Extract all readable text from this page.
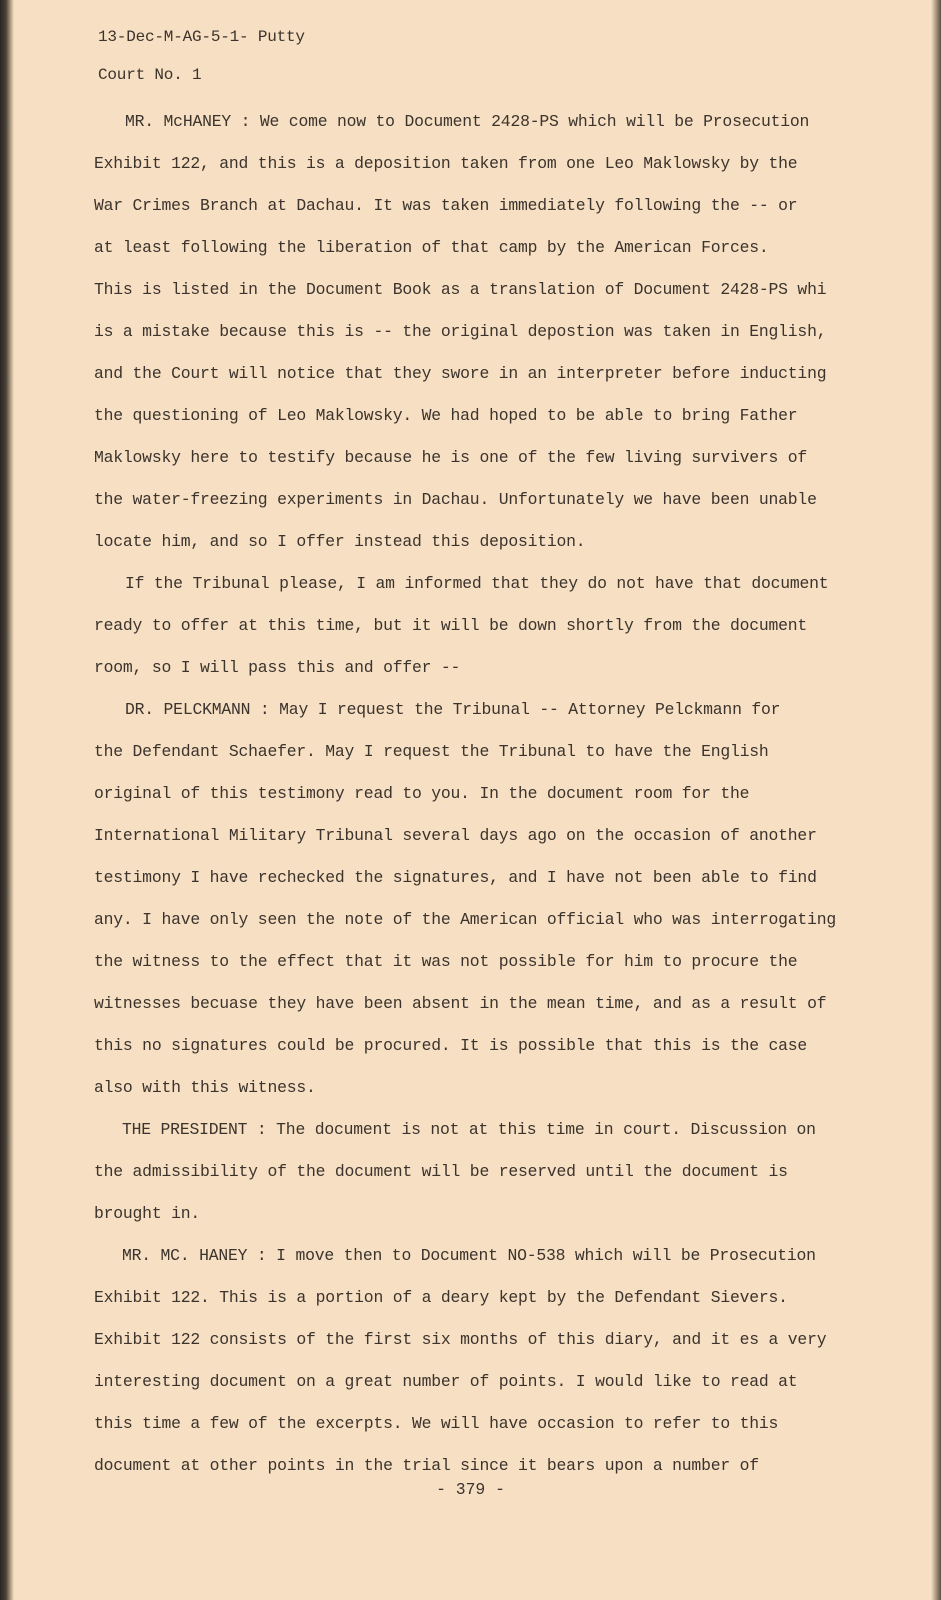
13-Dec-M-AG-5-1- Putty
Court No. 1
MR. McHANEY : We come now to Document 2428-PS which will be Prosecution
Exhibit 122, and this is a deposition taken from one Leo Maklowsky by the
War Crimes Branch at Dachau. It was taken immediately following the -- or
at least following the liberation of that camp by the American Forces.
This is listed in the Document Book as a translation of Document 2428-PS whi
is a mistake because this is -- the original depostion was taken in English,
and the Court will notice that they swore in an interpreter before inducting
the questioning of Leo Maklowsky. We had hoped to be able to bring Father
Maklowsky here to testify because he is one of the few living survivers of
the water-freezing experiments in Dachau. Unfortunately we have been unable
locate him, and so I offer instead this deposition.
If the Tribunal please, I am informed that they do not have that document
ready to offer at this time, but it will be down shortly from the document
room, so I will pass this and offer --
DR. PELCKMANN : May I request the Tribunal -- Attorney Pelckmann for
the Defendant Schaefer. May I request the Tribunal to have the English
original of this testimony read to you. In the document room for the
International Military Tribunal several days ago on the occasion of another
testimony I have rechecked the signatures, and I have not been able to find
any. I have only seen the note of the American official who was interrogating
the witness to the effect that it was not possible for him to procure the
witnesses becuase they have been absent in the mean time, and as a result of
this no signatures could be procured. It is possible that this is the case
also with this witness.
THE PRESIDENT : The document is not at this time in court. Discussion on
the admissibility of the document will be reserved until the document is
brought in.
MR. MC. HANEY : I move then to Document NO-538 which will be Prosecution
Exhibit 122. This is a portion of a deary kept by the Defendant Sievers.
Exhibit 122 consists of the first six months of this diary, and it es a very
interesting document on a great number of points. I would like to read at
this time a few of the excerpts. We will have occasion to refer to this
document at other points in the trial since it bears upon a number of
- 379 -
